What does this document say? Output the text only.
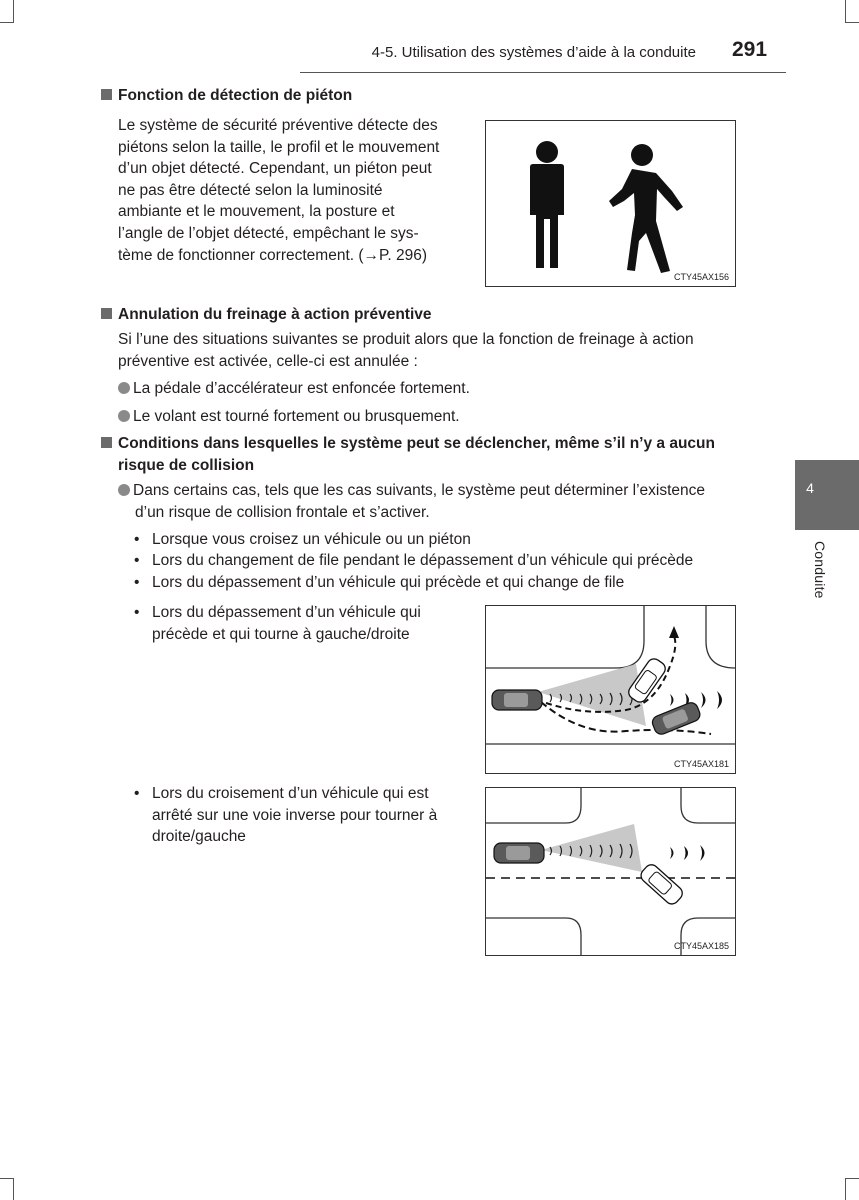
4-5. Utilisation des systèmes d’aide à la conduite 291
4
Conduite
Fonction de détection de piéton
Le système de sécurité préventive détecte des
piétons selon la taille, le profil et le mouvement
d’un objet détecté. Cependant, un piéton peut
ne pas être détecté selon la luminosité
ambiante et le mouvement, la posture et
l’angle de l’objet détecté, empêchant le sys-
tème de fonctionner correctement. (→P. 296)
CTY45AX156
Annulation du freinage à action préventive
Si l’une des situations suivantes se produit alors que la fonction de freinage à action
préventive est activée, celle-ci est annulée :
La pédale d’accélérateur est enfoncée fortement.
Le volant est tourné fortement ou brusquement.
Conditions dans lesquelles le système peut se déclencher, même s’il n’y a aucun
risque de collision
Dans certains cas, tels que les cas suivants, le système peut déterminer l’existence
d’un risque de collision frontale et s’activer.
• Lorsque vous croisez un véhicule ou un piéton
• Lors du changement de file pendant le dépassement d’un véhicule qui précède
• Lors du dépassement d’un véhicule qui précède et qui change de file
• Lors du dépassement d’un véhicule qui
précède et qui tourne à gauche/droite
CTY45AX181
• Lors du croisement d’un véhicule qui est
arrêté sur une voie inverse pour tourner à
droite/gauche
CTY45AX185
